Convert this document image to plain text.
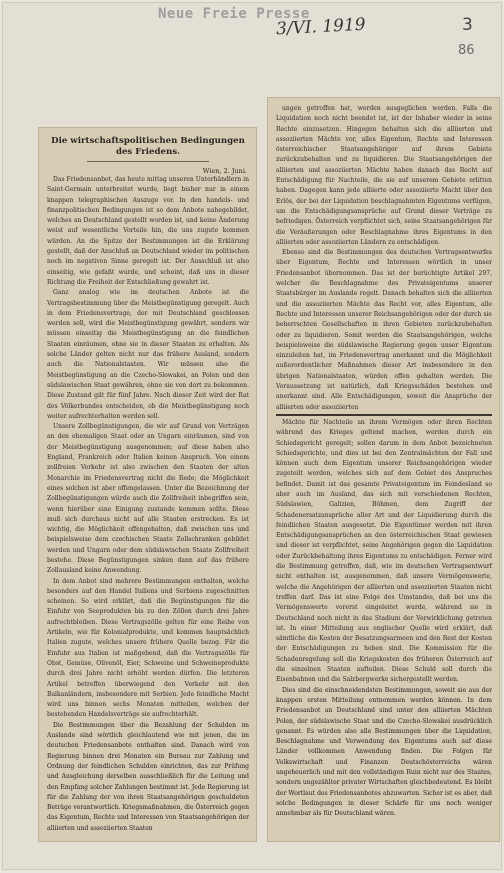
Neue Freie Presse
3/VI. 1919	3
86
Die wirtschaftspolitischen Bedingungen des Friedens.
Wien, 2. Juni.

Das Friedensanbot, das heute mittag unseren Unterhändlern in Saint-Germain unterbreitet wurde, liegt bisher nur in einem knappen telegraphischen Auszuge vor. In den handels- und finanzpolitischen Bedingungen ist so dem Anbote nahegebildet, welches an Deutschland gestellt worden ist, und keine Änderung weist auf wesentliche Vorteile hin, die uns zugute kommen würden. An die Spitze der Bestimmungen ist die Erklärung gestellt, daß der Anschluß an Deutschland wieder im politischen noch im negativen Sinne geregelt ist. Der Ausschluß ist also einseitig, wie gefaßt wurde, und scheint, daß uns in dieser Richtung die Freiheit der Entschließung gewahrt ist.

Ganz analog wie im deutschen Anbote ist die Vertragsbestimmung über die Meistbegünstigung geregelt. Auch in dem Friedensvertrage, der mit Deutschland geschlossen werden soll, wird die Meistbegünstigung gewährt, sondern wir müssen einseitig die Meistbegünstigung an die feindlichen Staaten einräumen, ohne sie in dieser Staaten zu erhalten. Als solche Länder gelten nicht nur das frühere Ausland, sondern auch die Nationalstaaten. Wir müssen also die Meistbegünstigung an die Czecho-Slowakei, an Polen und den südslawischen Staat gewähren, ohne sie von dort zu bekommen. Diese Zustand gilt für fünf Jahre. Nach dieser Zeit wird der Rat des Völkerbundes entscheiden, ob die Meistbegünstigung noch weiter aufrechterhalten werden soll.

Unsere Zollbegünstigungen, die wir auf Grund von Verträgen an den ehemaligen Staat oder an Ungarn einräumen, sind von der Meistbegünstigung ausgenommen; auf diese haben also England, Frankreich oder Italien keinen Anspruch. Von einem zollfreien Verkehr ist also zwischen den Staaten der alten Monarchie im Friedensvertrag nicht die Rede; die Möglichkeit eines solchen ist aber offengelassen. Unter die Bezeichnung der Zollbegünstigungen würde auch die Zollfreiheit inbegriffen sein, wenn hierüber eine Einigung zustande kommen sollte. Diese muß sich durchaus nicht auf alle Staaten erstrecken. Es ist wichtig, die Möglichkeit offengehalten, daß zwischen uns und beispielsweise dem czechischen Staate Zollschranken gebildet werden und Ungarn oder dem südslawischen Staate Zollfreiheit bestehe. Diese Begünstigungen sinken dann auf das frühere Zollausland keine Anwendung.

In dem Anbot sind mehrere Bestimmungen enthalten, welche besonders auf den Handel Italiens und Serbiens zugeschnitten scheinen. So wird erklärt, daß die Begünstigungen für die Einfuhr von Seeprodukten bis zu den Zöllen durch drei Jahre aufrechtbleiben. Diese Vertragszölle gelten für eine Reihe von Artikeln, wie für Kolonialprodukte, und kommen hauptsächlich Italien zugute, welches unsere frühere Quelle bezog. Für die Einfuhr aus Italien ist maßgebend, daß die Vertragszölle für Obst, Gemüse, Olivenöl, Eier, Schweine und Schweineprodukte durch drei Jahre nicht erhöht werden dürfen. Die letzteren Artikel betreffen überwiegend den Verkehr mit den Balkanländern, insbesondere mit Serbien. Jede feindliche Macht wird uns binnen sechs Monaten mitteilen, welchen der bestehenden Handelsverträge sie aufrechterhält.

Die Bestimmungen über die Bezahlung der Schulden im Auslande sind wörtlich gleichlautend wie mit jenen, die im deutschen Friedensanbote enthalten sind. Danach wird von Regierung binnen drei Monaten ein Bureau zur Zahlung und Ordnung der feindlichen Schulden einrichten, das zur Prüfung und Ausgleichung derselben ausschließlich für die Leitung und den Empfang solcher Zahlungen bestimmt ist. Jede Regierung ist für die Zahlung der von ihren Staatsangehörigen geschuldeten Beträge verantwortlich. Kriegsmaßnahmen, die Österreich gegen das Eigentum, Rechte und Interessen von Staatsangehörigen der alliierten und assoziierten Staaten

ungen getroffen hat, werden ausgeglichen werden. Falls die Liquidation noch nicht beendet ist, ist der Inhaber wieder in seine Rechte einzusetzen. Hingegen behalten sich die alliierten und assoziierten Mächte vor, alles Eigentum, Rechte und Interessen österreichischer Staatsangehöriger auf ihrem Gebiete zurückzubehalten und zu liquidieren. Die Staatsangehörigen der alliierten und assoziierten Mächte haben danach das Recht auf Entschädigung für Nachteile, die sie auf unserem Gebiete erlitten haben. Dagegen kann jede alliierte oder assoziierte Macht über den Erlös, der bei der Liquidation beschlagnahmten Eigentums verfügen, um die Entschädigungsansprüche auf Grund dieser Verträge zu befriedigen. Österreich verpflichtet sich, seine Staatsangehörigen für die Veräußerungen oder Beschlagnahme ihres Eigentums in den alliierten oder assoziierten Ländern zu entschädigen.

Ebenso sind die Bestimmungen des deutschen Vertragsentwurfes über Eigentum, Rechte und Interessen wörtlich in unser Friedensanbot übernommen. Das ist der berüchtigte Artikel 297, welcher die Beschlagnahme des Privateigentums unserer Staatsbürger im Auslande regelt. Danach behalten sich die alliierten und die assoziierten Mächte das Recht vor, alles Eigentum, alle Rechte und Interessen unserer Reichsangehörigen oder der durch sie beherrschten Gesellschaften in ihren Gebieten zurückzubehalten oder zu liquidieren. Somit werden die Staatsangehörigen, welche beispielsweise die südslawische Regierung gegen unser Eigentum einzuleiten hat, im Friedensvertrag anerkannt und die Möglichkeit außerordentlicher Maßnahmen dieser Art insbesondere in den übrigen Nationalstaaten, würden offen gehalten werden. Die Voraussetzung ist natürlich, daß Kriegsschäden bestehen und anerkannt sind. Alle Entschädigungen, soweit die Ansprüche der alliierten oder assoziierten

Mächte für Nachteile an ihrem Vermögen oder ihren Rechten während des Krieges geltend machen, werden durch ein Schiedsgericht geregelt; sollen darum in dem Anbot bezeichneten Schiedsgerichte, und dies ist bei den Zentralmächten der Fall und können auch dem Eigentum unserer Reichsangehörigen wieder zugeteilt werden, welches sich auf dem Gebiet des Anspruches befindet. Damit ist das gesamte Privateigentum im Feindesland so aber auch im Ausland, das sich mit verschiedenen Rechten, Südslawien, Galizien, Böhmen, dem Zugriff der Schadenersatzansprüche aller Art und der Liquidierung durch die feindlichen Staaten ausgesetzt. Die Eigentümer werden mit ihren Entschädigungsansprüchen an den österreichischen Staat gewiesen und dieser ist verpflichtet, seine Angehörigen gegen die Liquidation oder Zurückbehaltung ihres Eigentums zu entschädigen. Ferner wird die Bestimmung getroffen, daß, wie im deutschen Vertragsentwurf nicht enthalten ist, ausgenommen, daß unsere Vermögenswerte, welche die Angehörigen der alliierten und assoziierten Staaten nicht treffen darf. Das ist eine Folge des Umstandes, daß bei uns die Vermögenswerte vorerst eingeleitet wurde, während sie in Deutschland noch nicht in das Stadium der Verwirklichung getreten ist. In einer Mitteilung aus englischer Quelle wird erklärt, daß sämtliche die Kosten der Besatzungsarmeen und den Rest der Kosten der Entschädigungen zu heben sind. Die Kommission für die Schadenregelung soll die Kriegskosten des früheren Österreich auf die einzelnen Staaten aufteilen. Diese Schuld soll durch die Eisenbahnen und die Salzbergwerke sichergestellt werden.

Dies sind die einschneidendsten Bestimmungen, soweit sie aus der knappen ersten Mitteilung entnommen werden können. In dem Friedensanbot an Deutschland sind unter den alliierten Mächten Polen, der südslawische Staat und die Czecho-Slowakei ausdrücklich genannt. Es würden also alle Bestimmungen über die Liquidation, Beschlagnahme und Verwendung des Eigentums auch auf diese Länder vollkommen Anwendung finden. Die Folgen für Volkswirtschaft und Finanzen Deutschösterreichs wären ungeheuerlich und mit den vollständigen Ruin nicht nur des Staates, sondern ungezählter privater Wirtschaften gleichbedeutend. Es bleibt der Wortlaut des Friedensanbotes abzuwarten. Sicher ist es aber, daß solche Bedingungen in dieser Schärfe für uns noch weniger annehmbar als für Deutschland wären.
